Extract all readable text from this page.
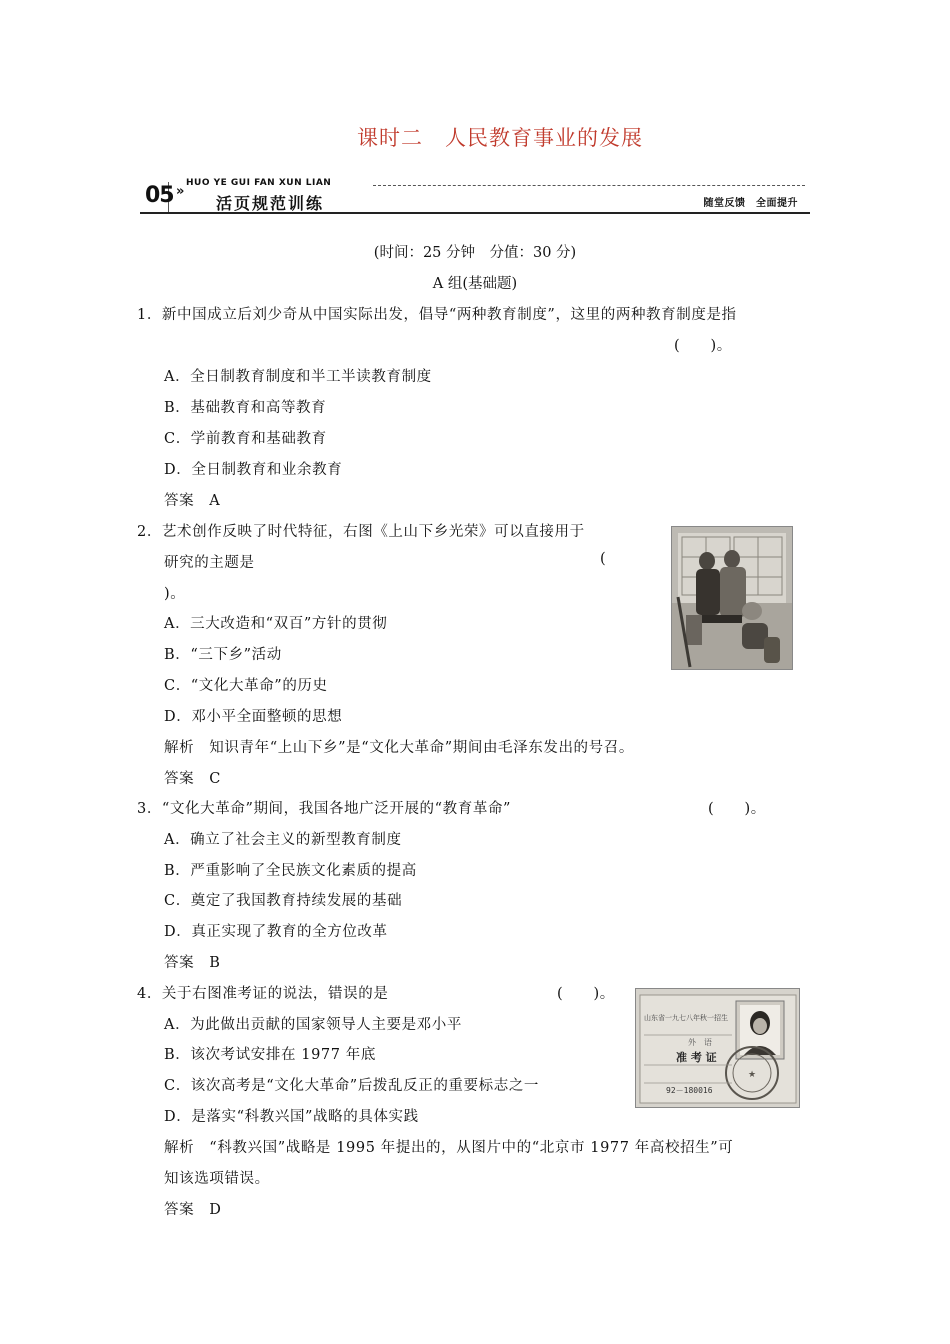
课时二　人民教育事业的发展
05 »
HUO YE GUI FAN XUN LIAN
活页规范训练	随堂反馈　全面提升
(时间：25 分钟　分值：30 分)
A 组(基础题)
1．新中国成立后刘少奇从中国实际出发，倡导“两种教育制度”，这里的两种教育制度是指
(　　)。
A．全日制教育制度和半工半读教育制度
B．基础教育和高等教育
C．学前教育和基础教育
D．全日制教育和业余教育
答案　A
2．艺术创作反映了时代特征，右图《上山下乡光荣》可以直接用于
研究的主题是	(
)。
A．三大改造和“双百”方针的贯彻
B．“三下乡”活动
C．“文化大革命”的历史
D．邓小平全面整顿的思想
解析　知识青年“上山下乡”是“文化大革命”期间由毛泽东发出的号召。
答案　C
3．“文化大革命”期间，我国各地广泛开展的“教育革命”	(　　)。
A．确立了社会主义的新型教育制度
B．严重影响了全民族文化素质的提高
C．奠定了我国教育持续发展的基础
D．真正实现了教育的全方位改革
答案　B
4．关于右图准考证的说法，错误的是	(　　)。
A．为此做出贡献的国家领导人主要是邓小平
B．该次考试安排在 1977 年底
C．该次高考是“文化大革命”后拨乱反正的重要标志之一
D．是落实“科教兴国”战略的具体实践
解析　“科教兴国”战略是 1995 年提出的，从图片中的“北京市 1977 年高校招生”可
知该选项错误。
答案　D
★
山东省一九七八年秋一招生
外　语
准 考 证
92－180016
